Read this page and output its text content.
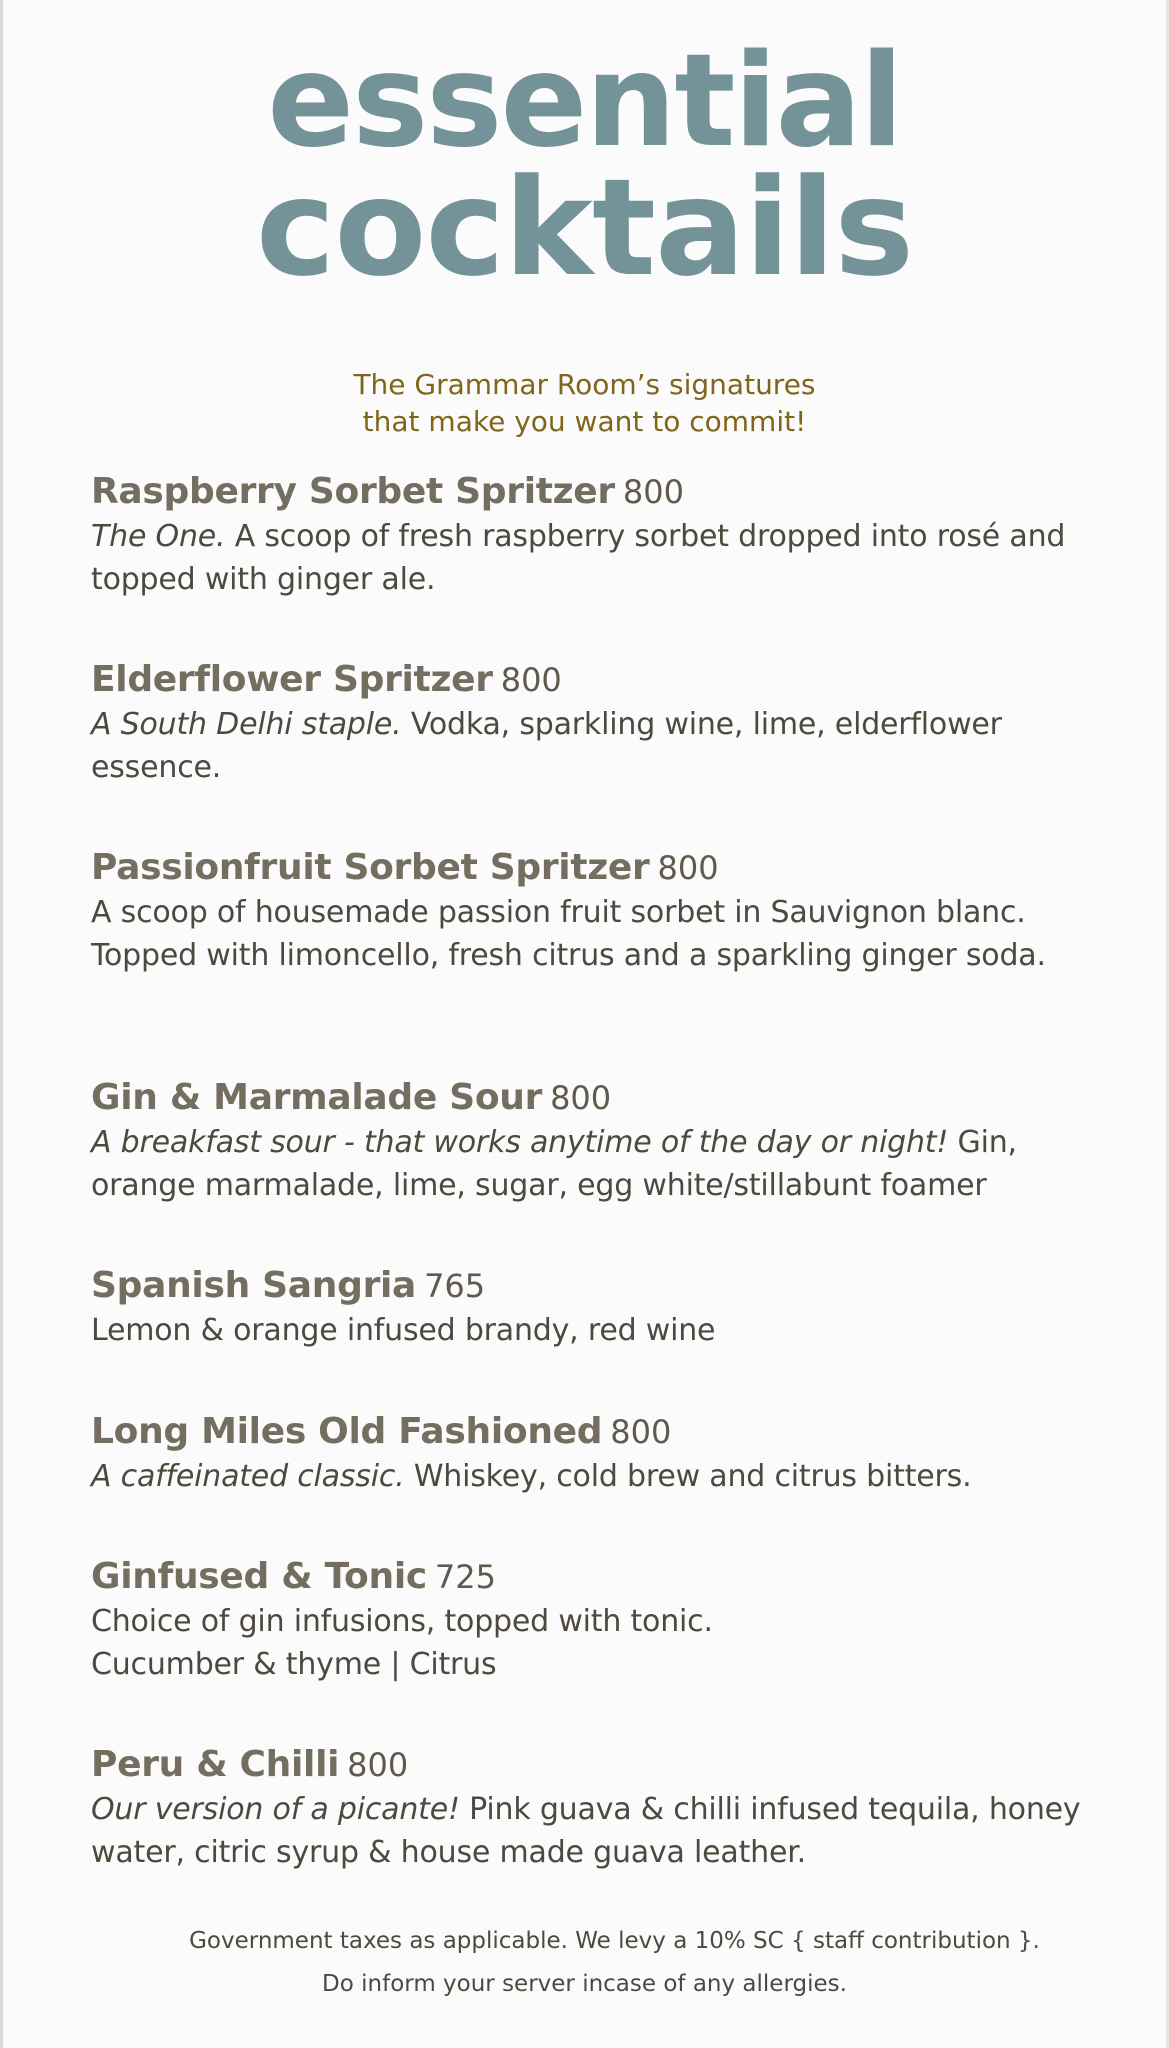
essential
cocktails
The Grammar Room’s signatures
that make you want to commit!
Raspberry Sorbet Spritzer 800
The One. A scoop of fresh raspberry sorbet dropped into rosé and topped with ginger ale.
Elderflower Spritzer 800
A South Delhi staple. Vodka, sparkling wine, lime, elderflower essence.
Passionfruit Sorbet Spritzer 800
A scoop of housemade passion fruit sorbet in Sauvignon blanc. Topped with limoncello, fresh citrus and a sparkling ginger soda.
Gin & Marmalade Sour 800
A breakfast sour - that works anytime of the day or night! Gin, orange marmalade, lime, sugar, egg white/stillabunt foamer
Spanish Sangria 765
Lemon & orange infused brandy, red wine
Long Miles Old Fashioned 800
A caffeinated classic. Whiskey, cold brew and citrus bitters.
Ginfused & Tonic 725
Choice of gin infusions, topped with tonic.
Cucumber & thyme | Citrus
Peru & Chilli 800
Our version of a picante! Pink guava & chilli infused tequila, honey water, citric syrup & house made guava leather.
Government taxes as applicable. We levy a 10% SC { staff contribution }.
Do inform your server incase of any allergies.
